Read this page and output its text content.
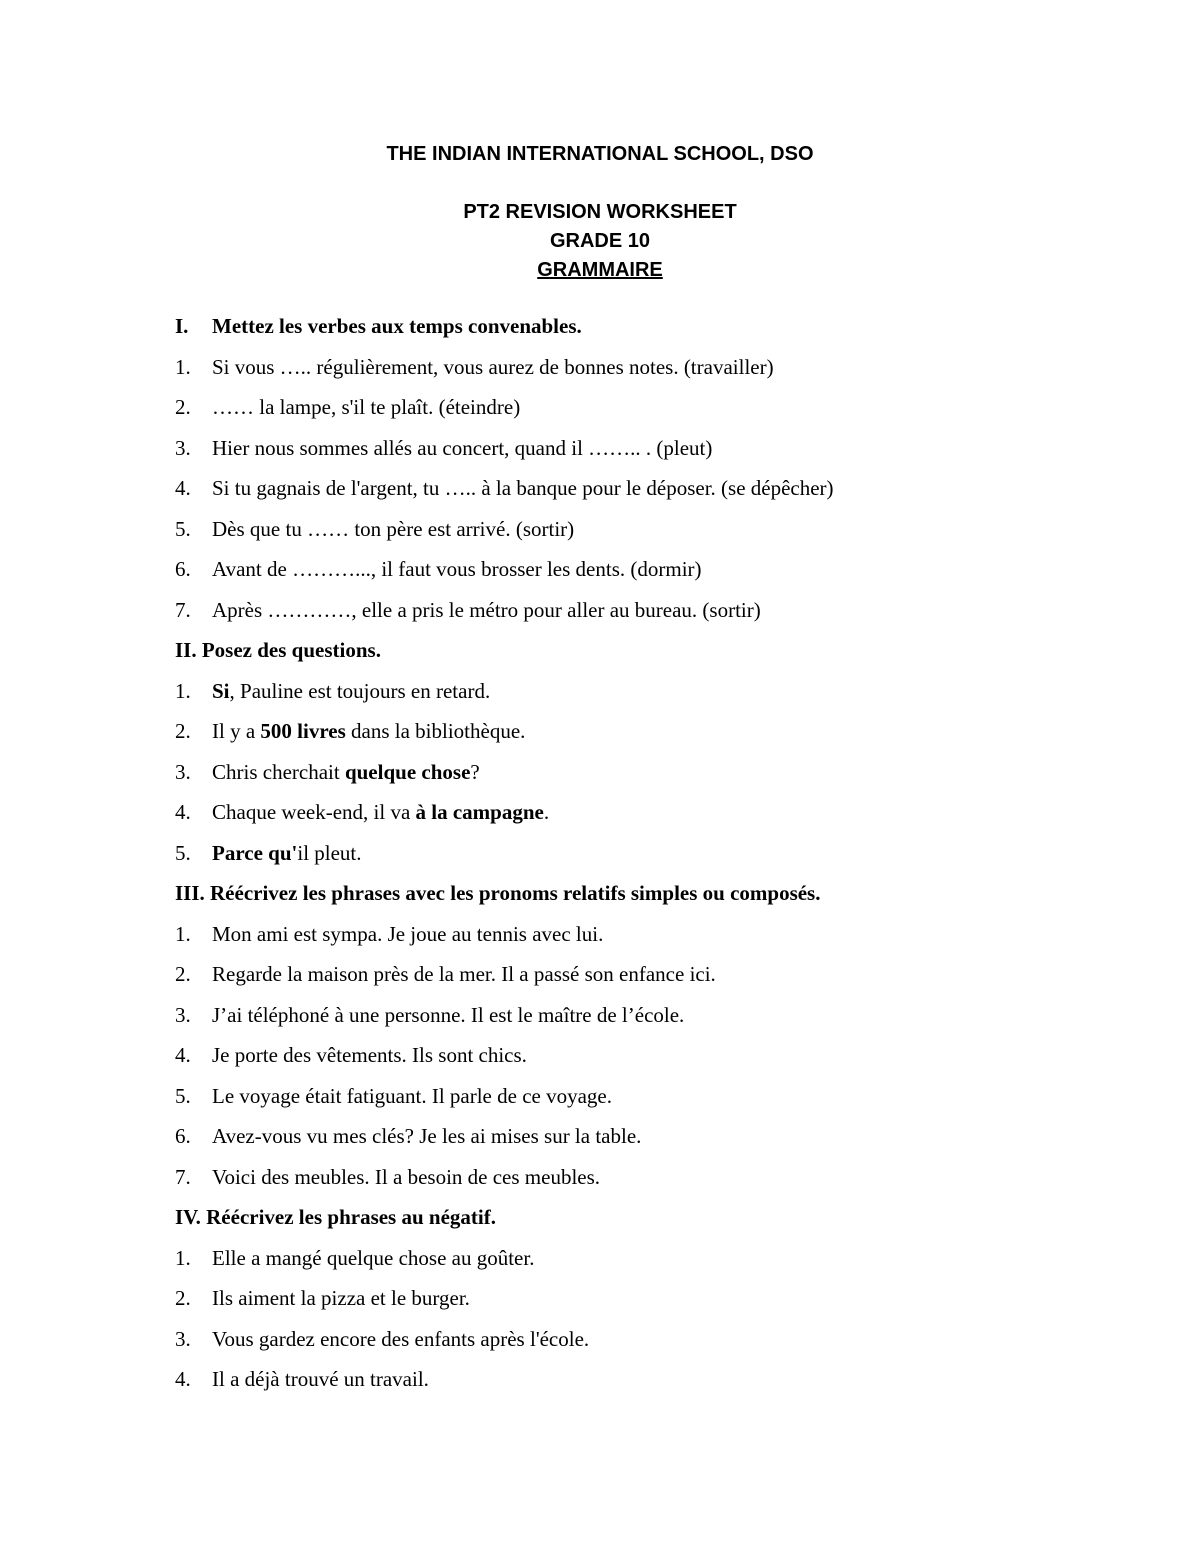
THE INDIAN INTERNATIONAL SCHOOL, DSO
PT2 REVISION WORKSHEET
GRADE 10
GRAMMAIRE
I. Mettez les verbes aux temps convenables.
1.	Si vous ….. régulièrement, vous aurez de bonnes notes. (travailler)
2.	…… la lampe, s'il te plaît. (éteindre)
3.	Hier nous sommes allés au concert, quand il …….. . (pleut)
4.	Si tu gagnais de l'argent, tu ….. à la banque pour le déposer. (se dépêcher)
5.	Dès que tu …… ton père est arrivé. (sortir)
6.	Avant de ………..., il faut vous brosser les dents. (dormir)
7.	Après …………, elle a pris le métro pour aller au bureau. (sortir)
II. Posez des questions.
1.	Si, Pauline est toujours en retard.
2.	Il y a 500 livres dans la bibliothèque.
3.	Chris cherchait quelque chose?
4.	Chaque week-end, il va à la campagne.
5.	Parce qu'il pleut.
III. Réécrivez les phrases avec les pronoms relatifs simples ou composés.
1.	Mon ami est sympa. Je joue au tennis avec lui.
2.	Regarde la maison près de la mer. Il a passé son enfance ici.
3.	J’ai téléphoné à une personne. Il est le maître de l’école.
4.	Je porte des vêtements. Ils sont chics.
5.	Le voyage était fatiguant. Il parle de ce voyage.
6.	Avez-vous vu mes clés? Je les ai mises sur la table.
7.	Voici des meubles. Il a besoin de ces meubles.
IV. Réécrivez les phrases au négatif.
1.	Elle a mangé quelque chose au goûter.
2.	Ils aiment la pizza et le burger.
3.	Vous gardez encore des enfants après l'école.
4.	Il a déjà trouvé un travail.
